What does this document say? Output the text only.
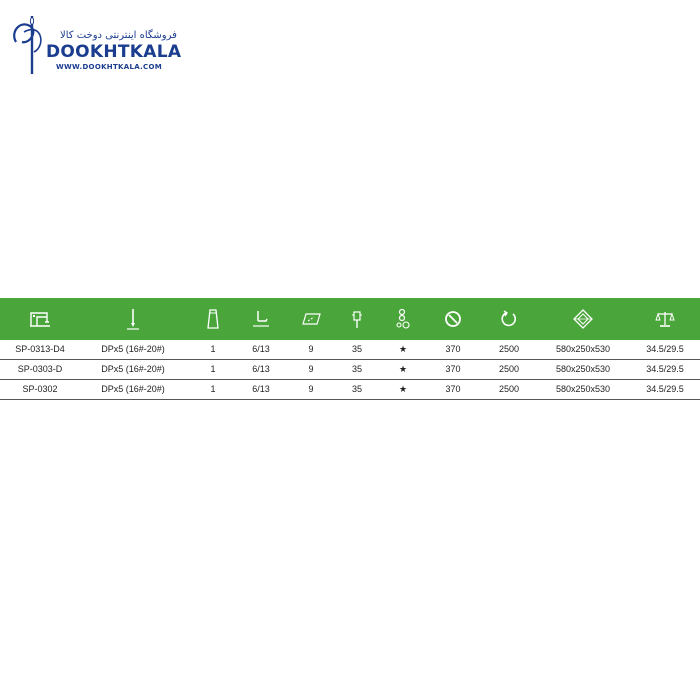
فروشگاه اینترنتی دوخت کالا
DOOKHTKALA
WWW.DOOKHTKALA.COM
SP-0313-D4	DPx5 (16#-20#)	1	6/13	9	35	★	370	2500	580x250x530	34.5/29.5
SP-0303-D	DPx5 (16#-20#)	1	6/13	9	35	★	370	2500	580x250x530	34.5/29.5
SP-0302	DPx5 (16#-20#)	1	6/13	9	35	★	370	2500	580x250x530	34.5/29.5
